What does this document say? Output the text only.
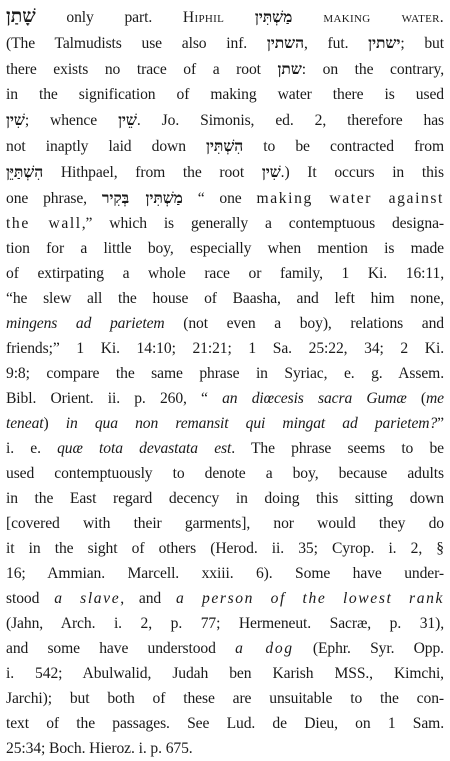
שָׁתַן only part. Hiphil מַשְׁתִּין making water.
(The Talmudists use also inf. השתין, fut. ישתין; but
there exists no trace of a root שתן: on the contrary,
in the signification of making water there is used
שִׁין; whence שֵׁין. Jo. Simonis, ed. 2, therefore has
not inaptly laid down הִשְׁתִּין to be contracted from
הִשְׁתַּיֵּן Hithpael, from the root שִׁין.) It occurs in this
one phrase, מַשְׁתִּין בְּקִיר “ one making water against
the wall,” which is generally a contemptuous designa-
tion for a little boy, especially when mention is made
of extirpating a whole race or family, 1 Ki. 16:11,
“he slew all the house of Baasha, and left him none,
mingens ad parietem (not even a boy), relations and
friends;” 1 Ki. 14:10; 21:21; 1 Sa. 25:22, 34; 2 Ki.
9:8; compare the same phrase in Syriac, e. g. Assem.
Bibl. Orient. ii. p. 260, “ an diœcesis sacra Gumæ (me
teneat) in qua non remansit qui mingat ad parietem?”
i. e. quæ tota devastata est. The phrase seems to be
used contemptuously to denote a boy, because adults
in the East regard decency in doing this sitting down
[covered with their garments], nor would they do
it in the sight of others (Herod. ii. 35; Cyrop. i. 2, §
16; Ammian. Marcell. xxiii. 6). Some have under-
stood a slave, and a person of the lowest rank
(Jahn, Arch. i. 2, p. 77; Hermeneut. Sacræ, p. 31),
and some have understood a dog (Ephr. Syr. Opp.
i. 542; Abulwalid, Judah ben Karish MSS., Kimchi,
Jarchi); but both of these are unsuitable to the con-
text of the passages. See Lud. de Dieu, on 1 Sam.
25:34; Boch. Hieroz. i. p. 675.
